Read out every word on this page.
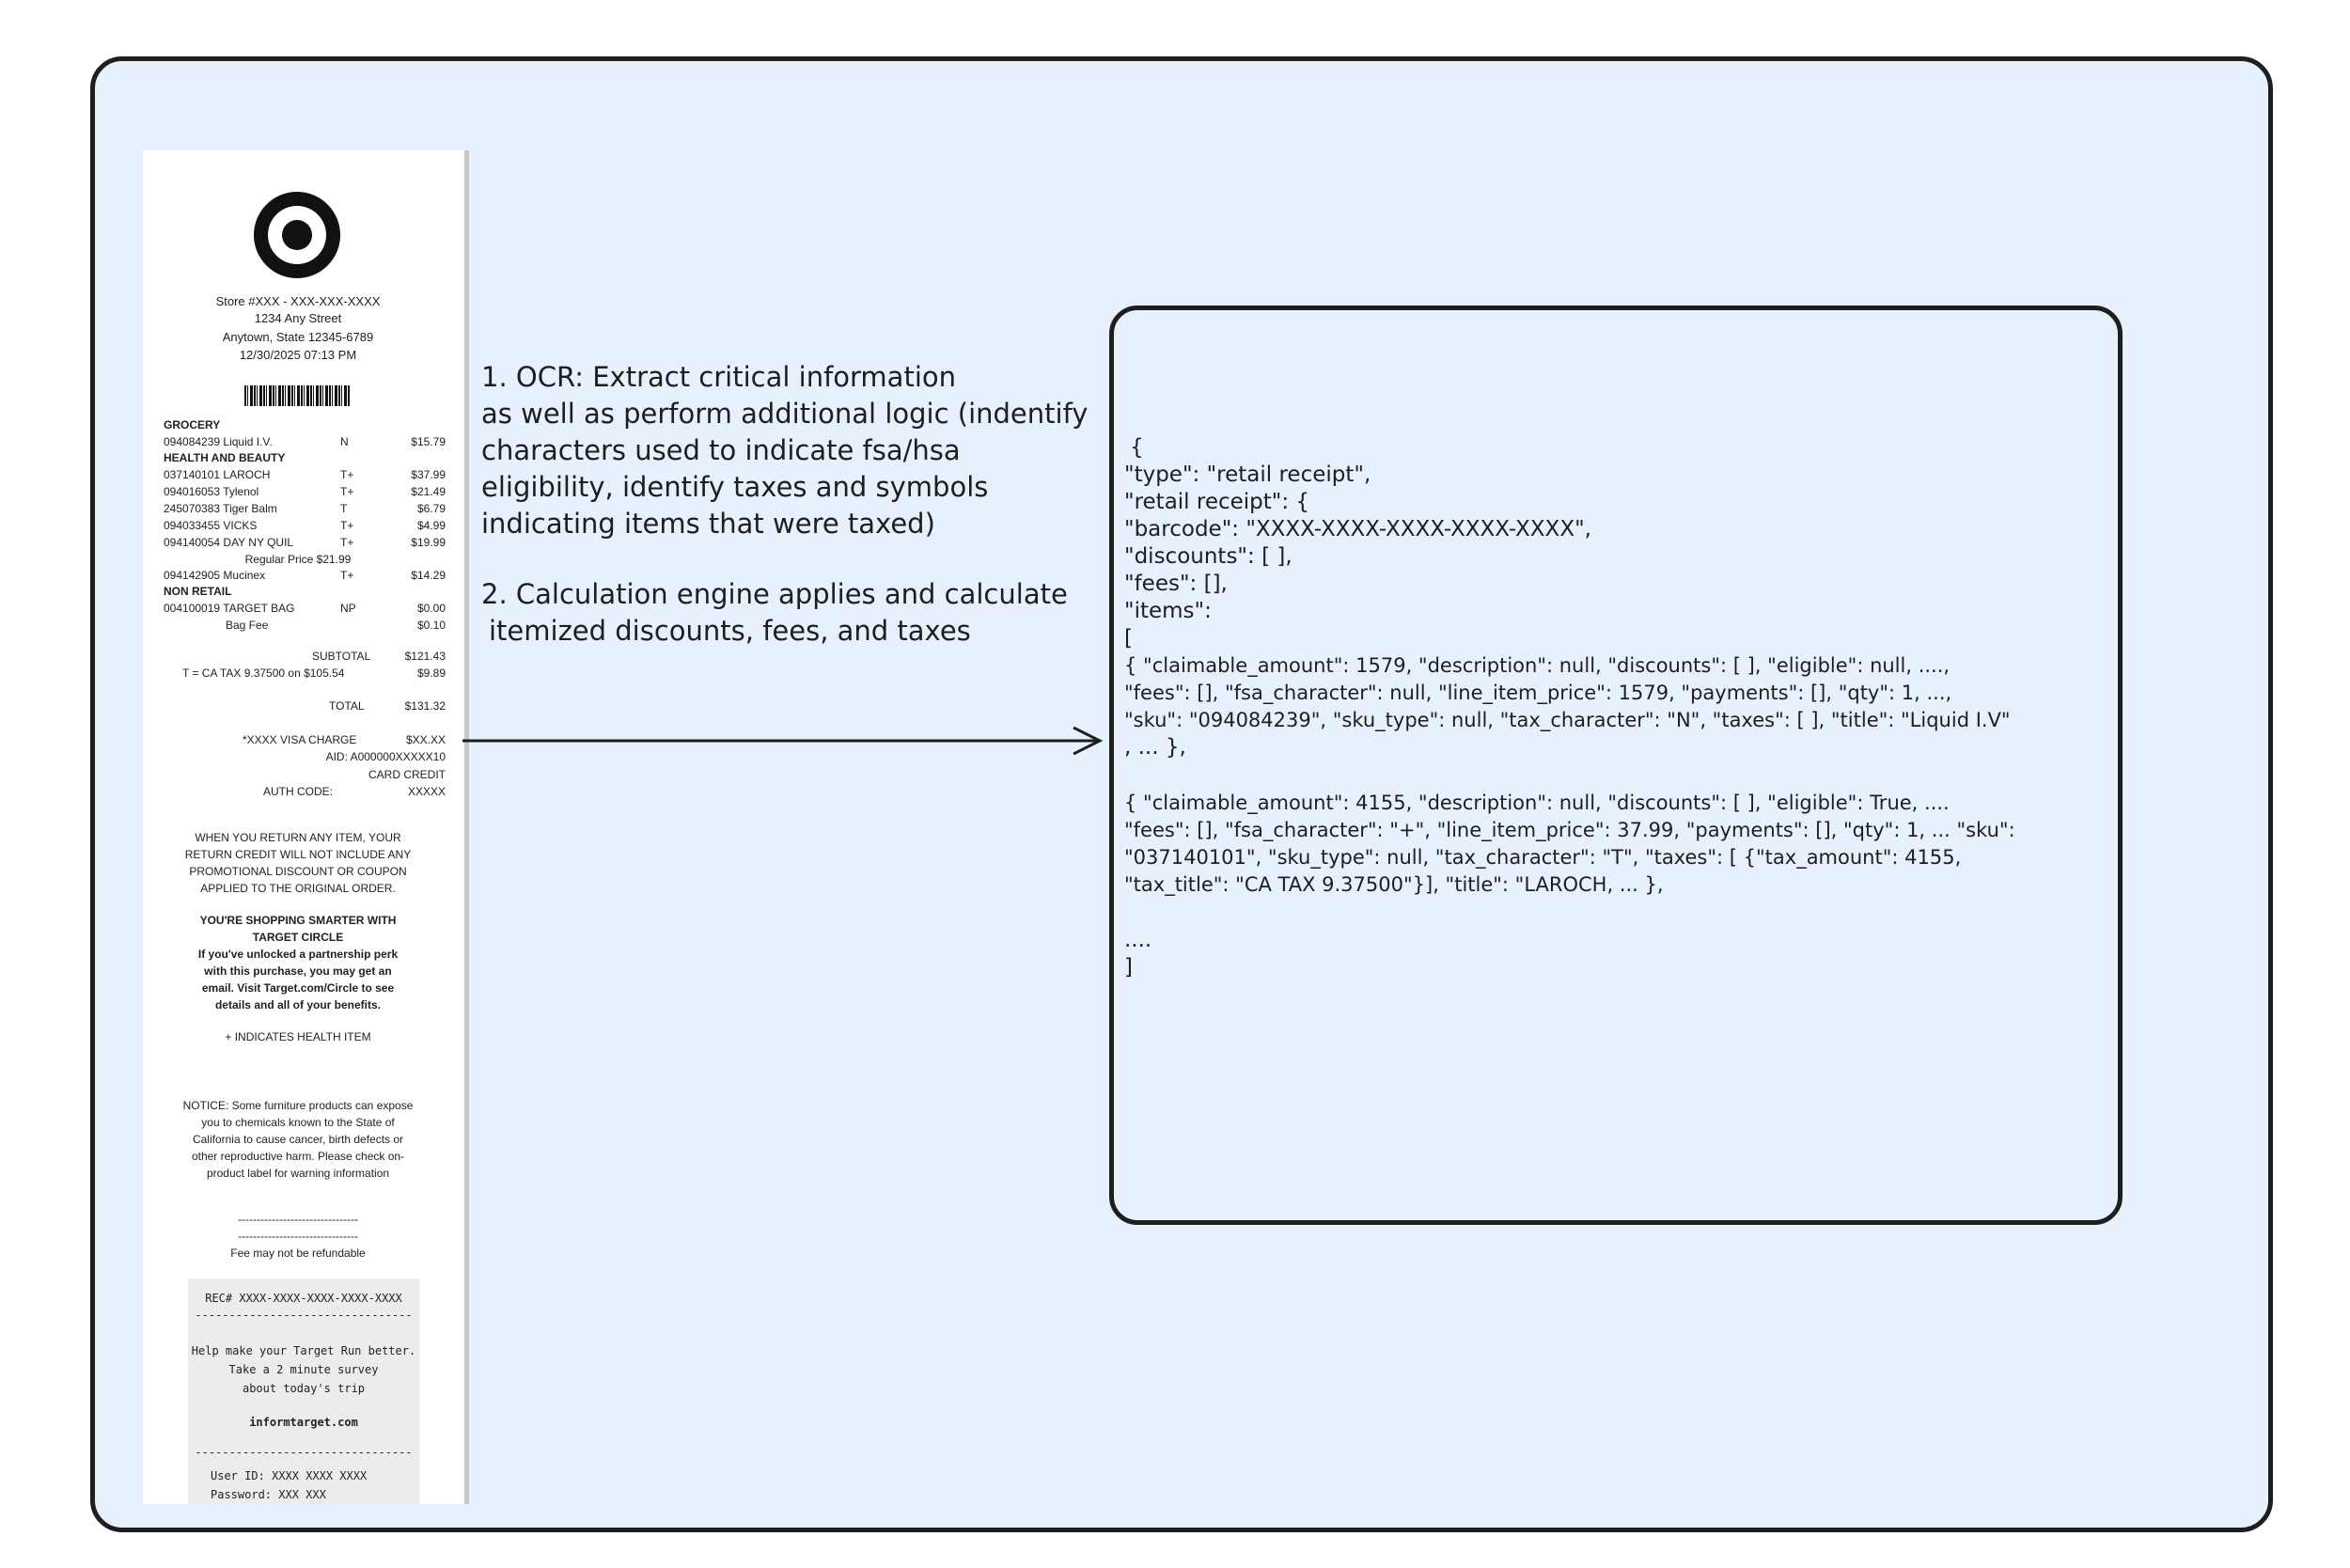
Store #XXX - XXX-XXX-XXXX
1234 Any Street
Anytown, State 12345-6789
12/30/2025 07:13 PM
GROCERY
094084239 Liquid I.V.	N	$15.79
HEALTH AND BEAUTY
037140101 LAROCH	T+	$37.99
094016053 Tylenol	T+	$21.49
245070383 Tiger Balm	T	$6.79
094033455 VICKS	T+	$4.99
094140054 DAY NY QUIL	T+	$19.99
Regular Price $21.99
094142905 Mucinex	T+	$14.29
NON RETAIL
004100019 TARGET BAG	NP	$0.00
Bag Fee	$0.10
SUBTOTAL	$121.43
T = CA TAX 9.37500 on $105.54	$9.89
TOTAL	$131.32
*XXXX VISA CHARGE	$XX.XX
AID: A000000XXXXX10
CARD CREDIT
AUTH CODE:	XXXXX
WHEN YOU RETURN ANY ITEM, YOUR
RETURN CREDIT WILL NOT INCLUDE ANY
PROMOTIONAL DISCOUNT OR COUPON
APPLIED TO THE ORIGINAL ORDER.
YOU'RE SHOPPING SMARTER WITH
TARGET CIRCLE
If you've unlocked a partnership perk
with this purchase, you may get an
email. Visit Target.com/Circle to see
details and all of your benefits.
+ INDICATES HEALTH ITEM
NOTICE: Some furniture products can expose
you to chemicals known to the State of
California to cause cancer, birth defects or
other reproductive harm. Please check on-
product label for warning information
--------------------------------
--------------------------------
Fee may not be refundable
REC# XXXX-XXXX-XXXX-XXXX-XXXX
--------------------------------
Help make your Target Run better.
Take a 2 minute survey
about today's trip
informtarget.com
--------------------------------
User ID: XXXX XXXX XXXX
Password: XXX XXX
1. OCR: Extract critical information
as well as perform additional logic (indentify
characters used to indicate fsa/hsa
eligibility, identify taxes and symbols
indicating items that were taxed)
2. Calculation engine applies and calculate
itemized discounts, fees, and taxes
{
"type": "retail receipt",
"retail receipt": {
"barcode": "XXXX-XXXX-XXXX-XXXX-XXXX",
"discounts": [ ],
"fees": [],
"items":
[
{ "claimable_amount": 1579, "description": null, "discounts": [ ], "eligible": null, ....,
"fees": [], "fsa_character": null, "line_item_price": 1579, "payments": [], "qty": 1, ...,
"sku": "094084239", "sku_type": null, "tax_character": "N", "taxes": [ ], "title": "Liquid I.V"
, ... },
{ "claimable_amount": 4155, "description": null, "discounts": [ ], "eligible": True, ....
"fees": [], "fsa_character": "+", "line_item_price": 37.99, "payments": [], "qty": 1, ... "sku":
"037140101", "sku_type": null, "tax_character": "T", "taxes": [ {"tax_amount": 4155,
"tax_title": "CA TAX 9.37500"}], "title": "LAROCH, ... },
....
]
